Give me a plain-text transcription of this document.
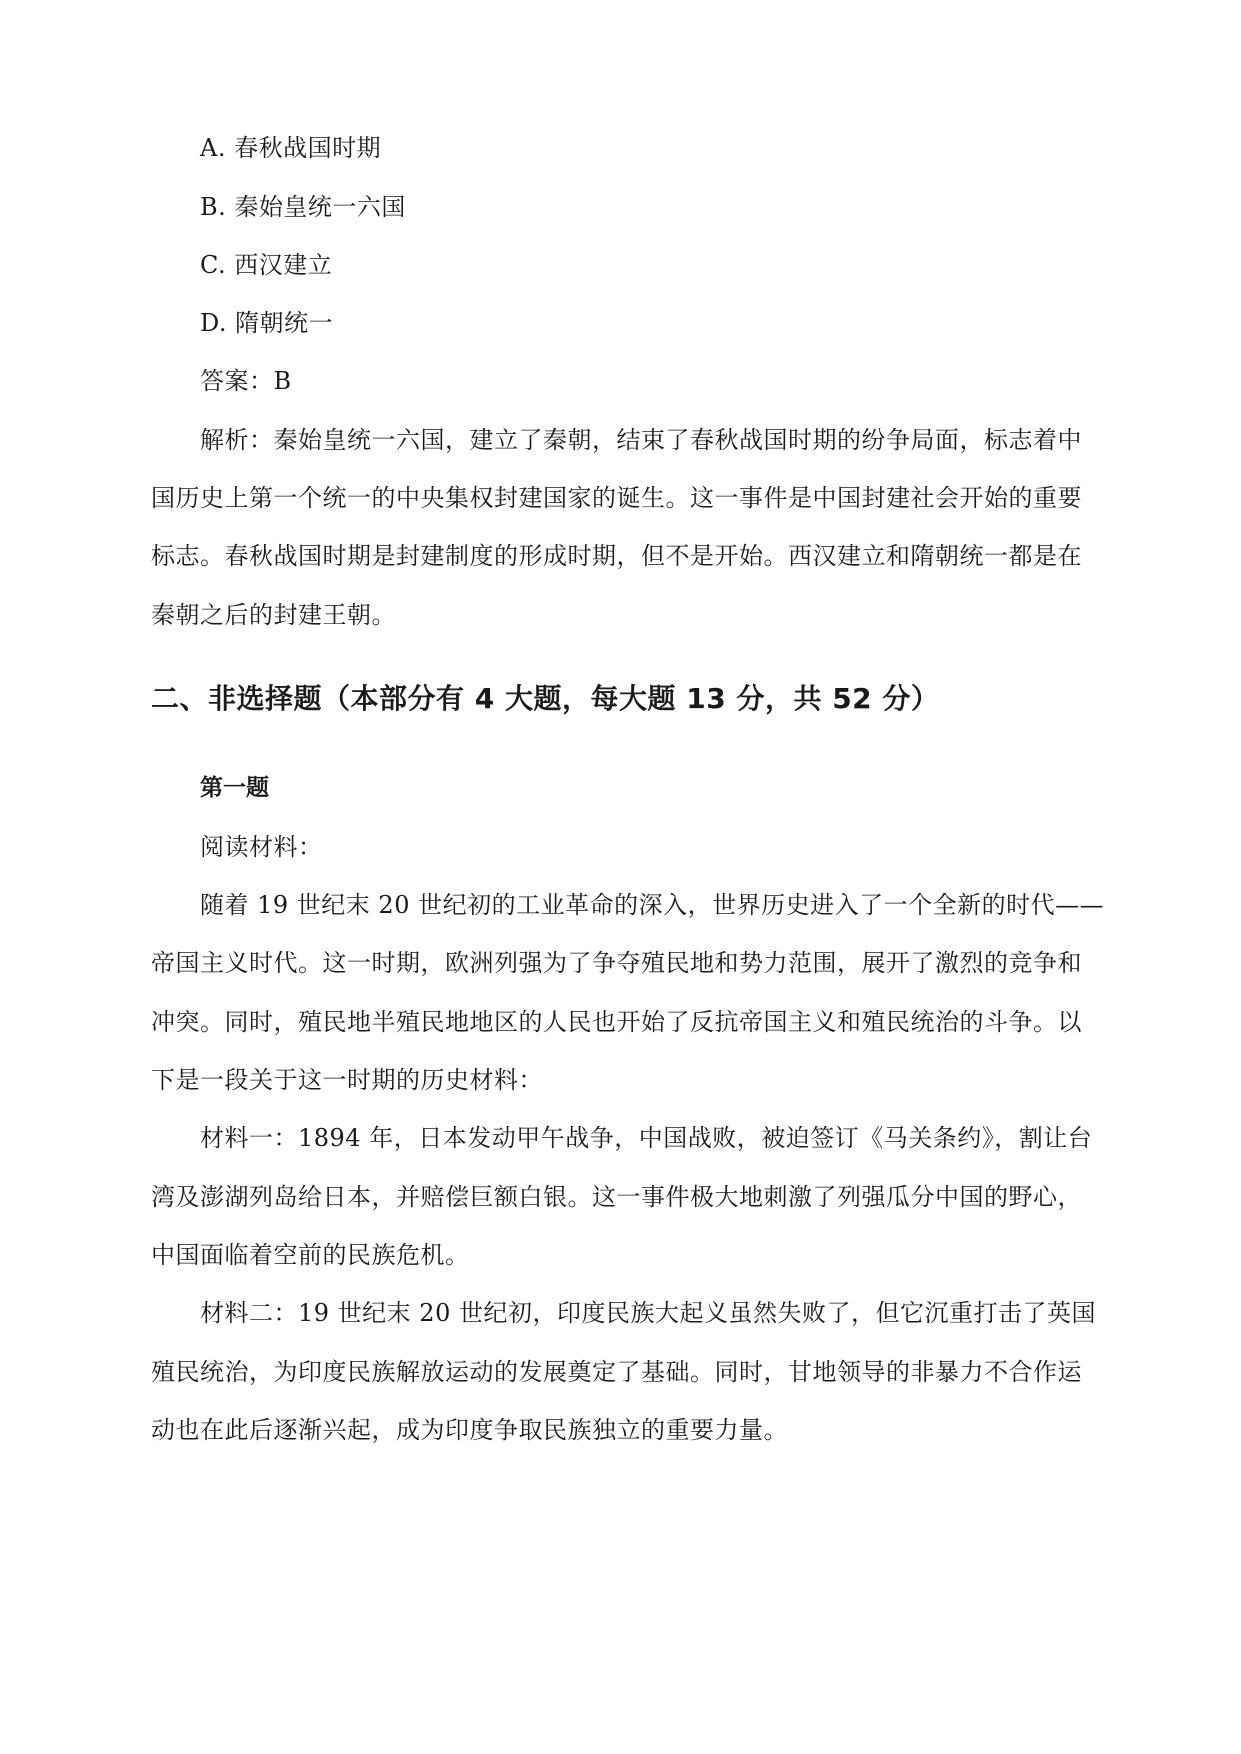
A. 春秋战国时期
B. 秦始皇统一六国
C. 西汉建立
D. 隋朝统一
答案：B
解析：秦始皇统一六国，建立了秦朝，结束了春秋战国时期的纷争局面，标志着中
国历史上第一个统一的中央集权封建国家的诞生。这一事件是中国封建社会开始的重要
标志。春秋战国时期是封建制度的形成时期，但不是开始。西汉建立和隋朝统一都是在
秦朝之后的封建王朝。
二、非选择题（本部分有 4 大题，每大题 13 分，共 52 分）
第一题
阅读材料：
随着 19 世纪末 20 世纪初的工业革命的深入，世界历史进入了一个全新的时代——
帝国主义时代。这一时期，欧洲列强为了争夺殖民地和势力范围，展开了激烈的竞争和
冲突。同时，殖民地半殖民地地区的人民也开始了反抗帝国主义和殖民统治的斗争。以
下是一段关于这一时期的历史材料：
材料一：1894 年，日本发动甲午战争，中国战败，被迫签订《马关条约》，割让台
湾及澎湖列岛给日本，并赔偿巨额白银。这一事件极大地刺激了列强瓜分中国的野心，
中国面临着空前的民族危机。
材料二：19 世纪末 20 世纪初，印度民族大起义虽然失败了，但它沉重打击了英国
殖民统治，为印度民族解放运动的发展奠定了基础。同时，甘地领导的非暴力不合作运
动也在此后逐渐兴起，成为印度争取民族独立的重要力量。
